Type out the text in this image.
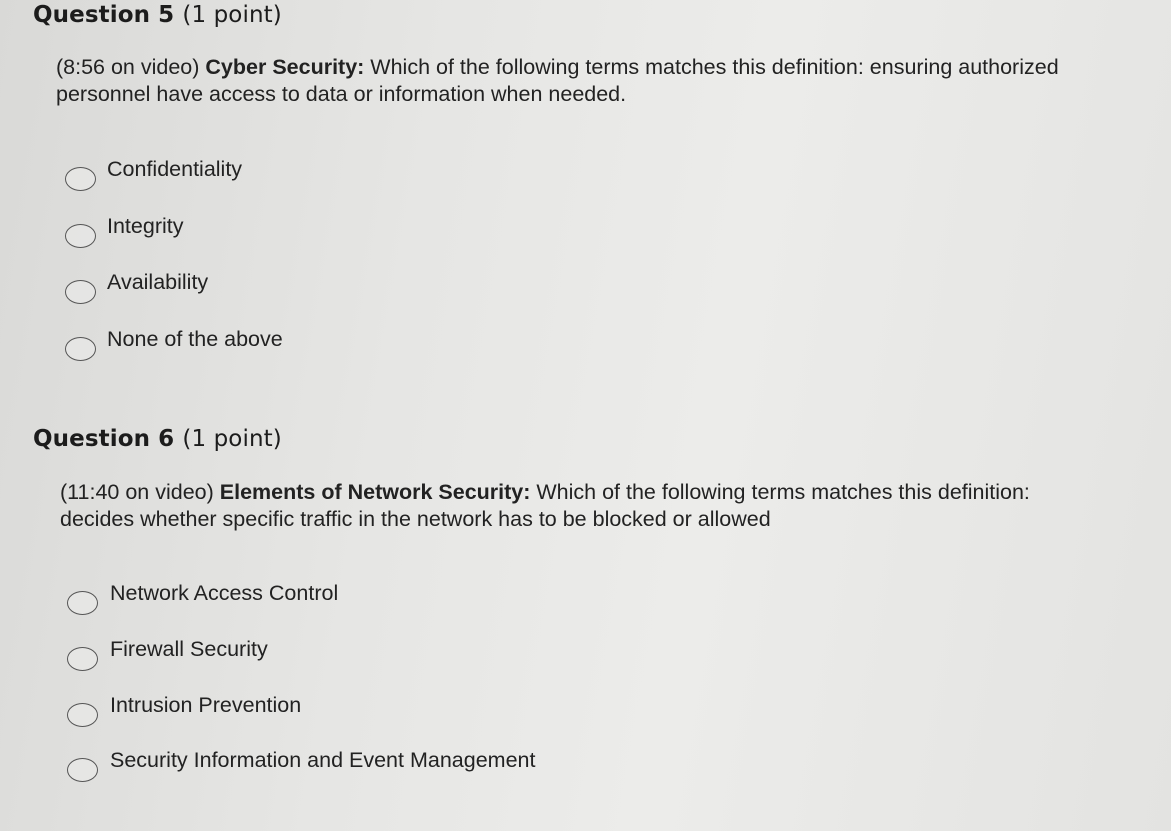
Question 5 (1 point)
(8:56 on video) Cyber Security: Which of the following terms matches this definition: ensuring authorized personnel have access to data or information when needed.
Confidentiality
Integrity
Availability
None of the above
Question 6 (1 point)
(11:40 on video) Elements of Network Security: Which of the following terms matches this definition: decides whether specific traffic in the network has to be blocked or allowed
Network Access Control
Firewall Security
Intrusion Prevention
Security Information and Event Management
